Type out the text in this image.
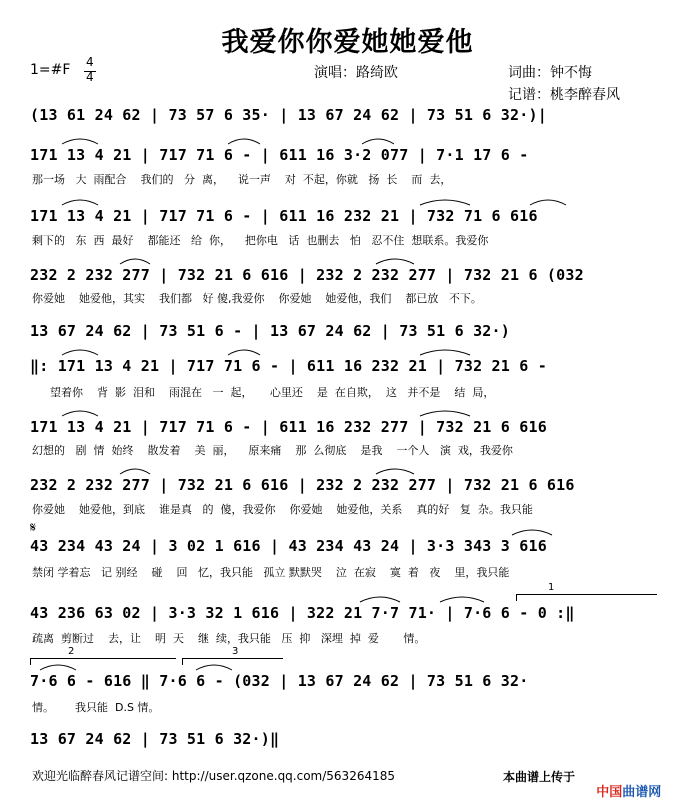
我爱你你爱她她爱他
1=#F 4
4	演唱：路绮欧	词曲：钟不悔
记谱：桃李醉春风
(13 61 24 62 | 73 57 6 35· | 13 67 24 62 | 73 51 6 32·)|
171 13 4 21 | 717 71 6 - | 611 16 3·2 077 | 7·1 17 6 -
那一场   大  雨配合    我们的   分  离，    说一声    对  不起，你就   扬  长    而  去，
171 13 4 21 | 717 71 6 - | 611 16 232 21 | 732 71 6 616
剩下的   东  西  最好    都能还   给  你，    把你电   话  也删去   怕   忍不住  想联系。我爱你
232 2 232 277 | 732 21 6 616 | 232 2 232 277 | 732 21 6 (032
你爱她    她爱他，其实    我们都   好 傻,我爱你    你爱她    她爱他，我们    都已放   不下。
13 67 24 62 | 73 51 6 - | 13 67 24 62 | 73 51 6 32·)
‖: 171 13 4 21 | 717 71 6 - | 611 16 232 21 | 732 21 6 -
望着你    背  影  泪和    雨混在   一  起，     心里还    是  在自欺，  这   并不是    结  局，
171 13 4 21 | 717 71 6 - | 611 16 232 277 | 732 21 6 616
幻想的   剧  情  始终    散发着    美  丽，    原来痛    那  么彻底    是我    一个人   演  戏，我爱你
232 2 232 277 | 732 21 6 616 | 232 2 232 277 | 732 21 6 616
你爱她    她爱他，到底    谁是真   的  傻，我爱你    你爱她    她爱他，关系    真的好   复  杂。我只能
𝄋
43 234 43 24 | 3 02 1 616 | 43 234 43 24 | 3·3 343 3 616
禁闭 学着忘   记 别经    碰    回   忆，我只能   孤立 默默哭    泣  在寂    寞  着   夜    里，我只能
43 236 63 02 | 3·3 32 1 616 | 322 21 7·7 71· | 7·6 6 - 0 :‖
疏离  剪断过    去，让    明  天    继  续，我只能   压  抑   深埋  掉  爱       情。
1
2	3
7·6 6 - 616 ‖ 7·6 6 - (032 | 13 67 24 62 | 73 51 6 32·
情。      我只能  D.S 情。
13 67 24 62 | 73 51 6 32·)‖
欢迎光临醉春风记谱空间: http://user.qzone.qq.com/563264185	本曲谱上传于

中国曲谱网
